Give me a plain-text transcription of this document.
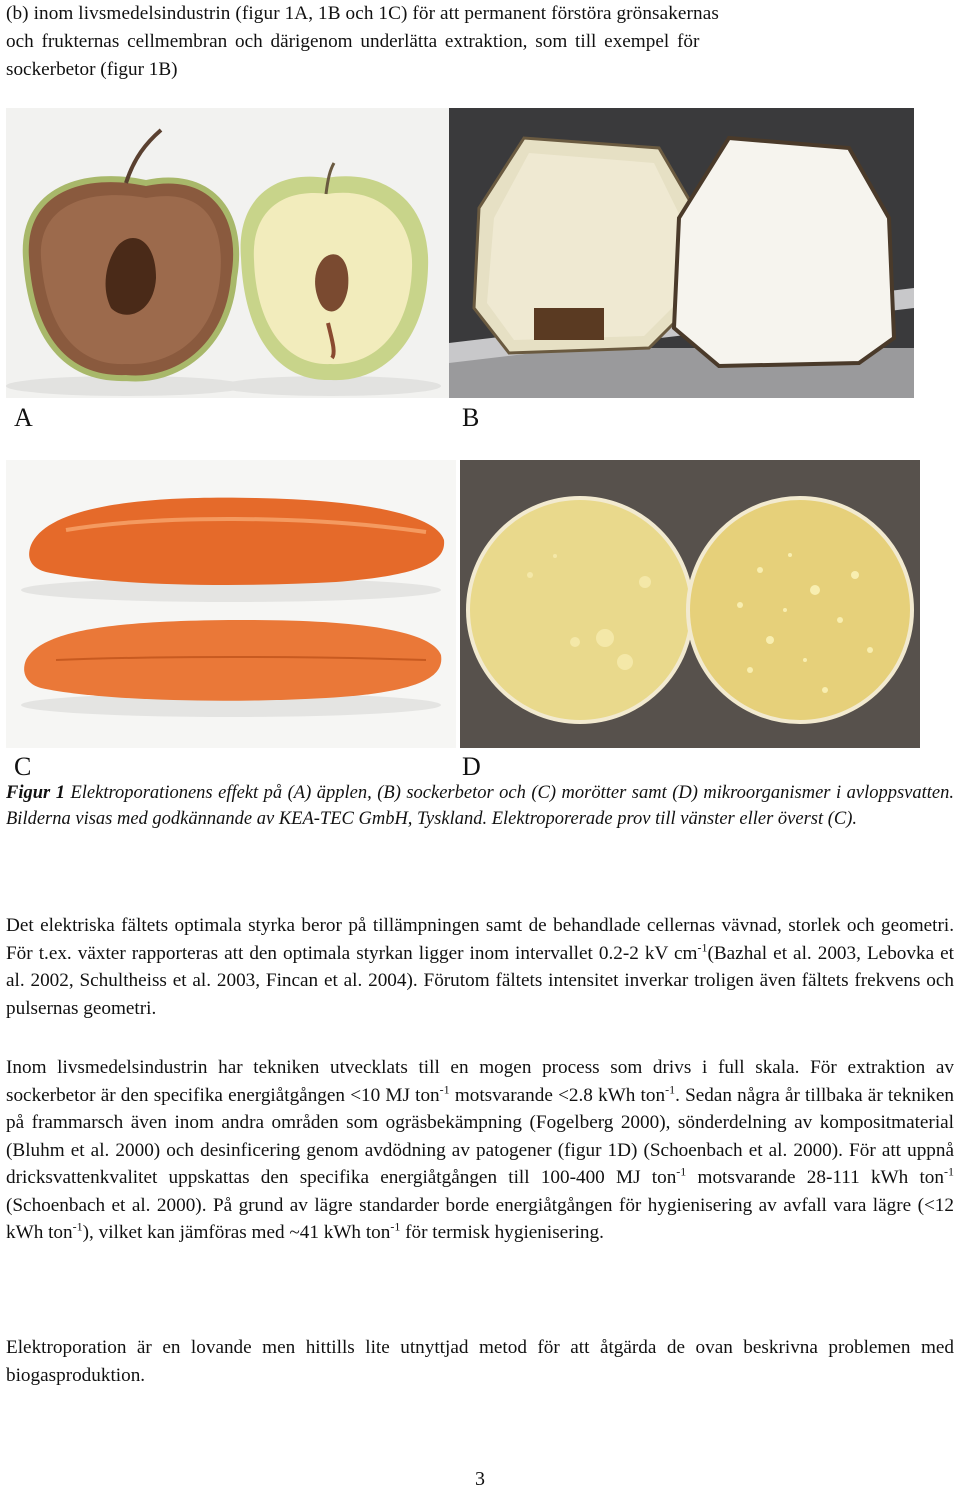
(b) inom livsmedelsindustrin (figur 1A, 1B och 1C) för att permanent förstöra grönsakernas
och frukternas cellmembran och därigenom underlätta extraktion, som till exempel för
sockerbetor (figur 1B)
A	B
C	D
Figur 1 Elektroporationens effekt på (A) äpplen, (B) sockerbetor och (C) morötter samt (D) mikroorganismer i avloppsvatten. Bilderna visas med godkännande av KEA-TEC GmbH, Tyskland. Elektroporerade prov till vänster eller överst (C).
Det elektriska fältets optimala styrka beror på tillämpningen samt de behandlade cellernas vävnad, storlek och geometri. För t.ex. växter rapporteras att den optimala styrkan ligger inom intervallet 0.2-2 kV $cm^{-1}(Bazhal$ et al. 2003, Lebovka et al. 2002, Schultheiss et al. 2003, Fincan et al. 2004). Förutom fältets intensitet inverkar troligen även fältets frekvens och pulsernas geometri.
Inom livsmedelsindustrin har tekniken utvecklats till en mogen process som drivs i full skala. För extraktion av sockerbetor är den specifika energiåtgången <10 MJ ton$^{-1}$ motsvarande <2.8 kWh ton$^{-1}$. Sedan några år tillbaka är tekniken på frammarsch även inom andra områden som ogräsbekämpning (Fogelberg 2000), sönderdelning av kompositmaterial (Bluhm et al. 2000) och desinficering genom avdödning av patogener (figur 1D) (Schoenbach et al. 2000). För att uppnå dricksvattenkvalitet uppskattas den specifika energiåtgången till 100-400 MJ ton$^{-1}$ motsvarande 28-111 kWh ton$^{-1}$ (Schoenbach et al. 2000). På grund av lägre standarder borde energiåtgången för hygienisering av avfall vara lägre (<12 kWh ton$^{-1}$), vilket kan jämföras med ~41 kWh ton$^{-1}$ för termisk hygienisering.
Elektroporation är en lovande men hittills lite utnyttjad metod för att åtgärda de ovan beskrivna problemen med biogasproduktion.
3
